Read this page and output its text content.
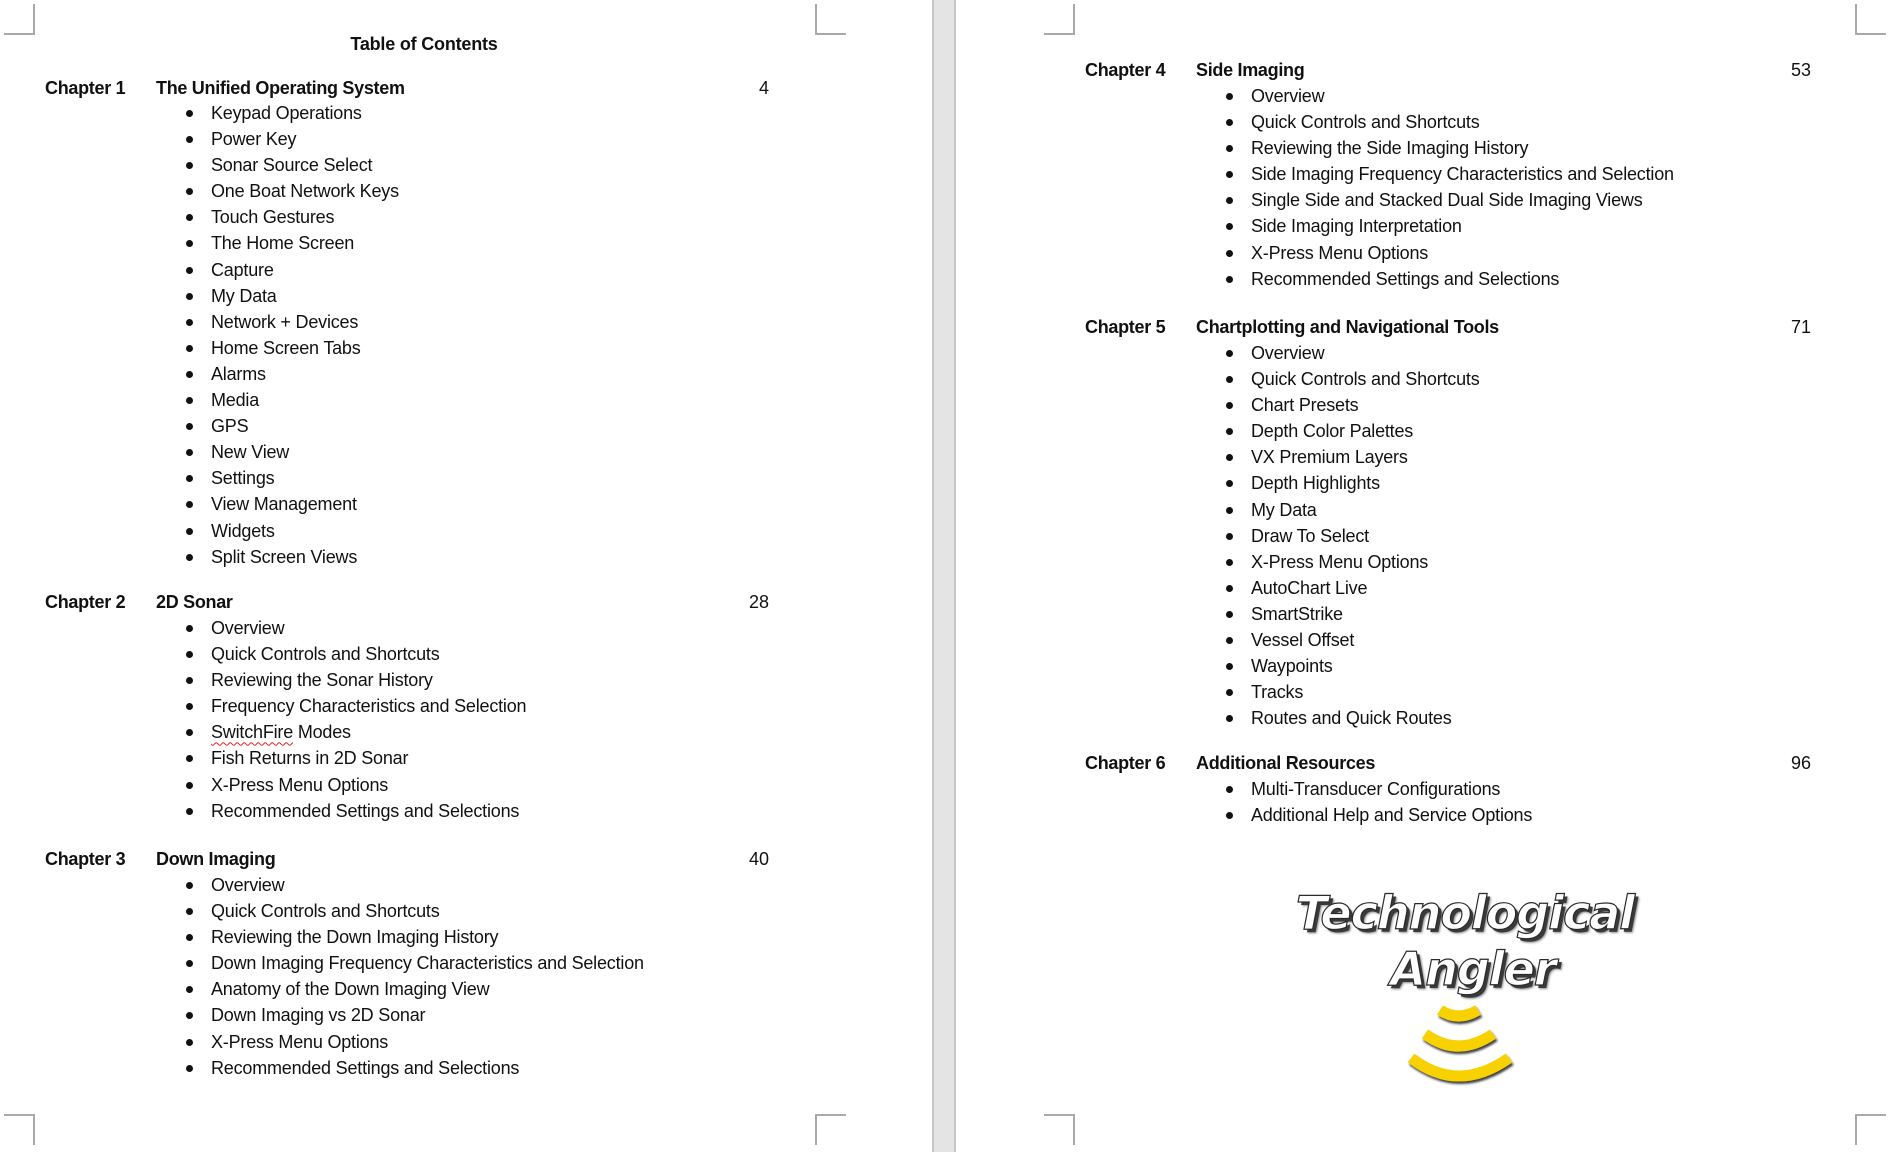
Table of Contents
Chapter 1 The Unified Operating System	4
Keypad Operations
Power Key
Sonar Source Select
One Boat Network Keys
Touch Gestures
The Home Screen
Capture
My Data
Network + Devices
Home Screen Tabs
Alarms
Media
GPS
New View
Settings
View Management
Widgets
Split Screen Views
Chapter 2 2D Sonar	28
Overview
Quick Controls and Shortcuts
Reviewing the Sonar History
Frequency Characteristics and Selection
SwitchFire Modes
Fish Returns in 2D Sonar
X-Press Menu Options
Recommended Settings and Selections
Chapter 3 Down Imaging	40
Overview
Quick Controls and Shortcuts
Reviewing the Down Imaging History
Down Imaging Frequency Characteristics and Selection
Anatomy of the Down Imaging View
Down Imaging vs 2D Sonar
X-Press Menu Options
Recommended Settings and Selections
Chapter 4 Side Imaging	53
Overview
Quick Controls and Shortcuts
Reviewing the Side Imaging History
Side Imaging Frequency Characteristics and Selection
Single Side and Stacked Dual Side Imaging Views
Side Imaging Interpretation
X-Press Menu Options
Recommended Settings and Selections
Chapter 5 Chartplotting and Navigational Tools	71
Overview
Quick Controls and Shortcuts
Chart Presets
Depth Color Palettes
VX Premium Layers
Depth Highlights
My Data
Draw To Select
X-Press Menu Options
AutoChart Live
SmartStrike
Vessel Offset
Waypoints
Tracks
Routes and Quick Routes
Chapter 6 Additional Resources	96
Multi-Transducer Configurations
Additional Help and Service Options
Technological
Angler
